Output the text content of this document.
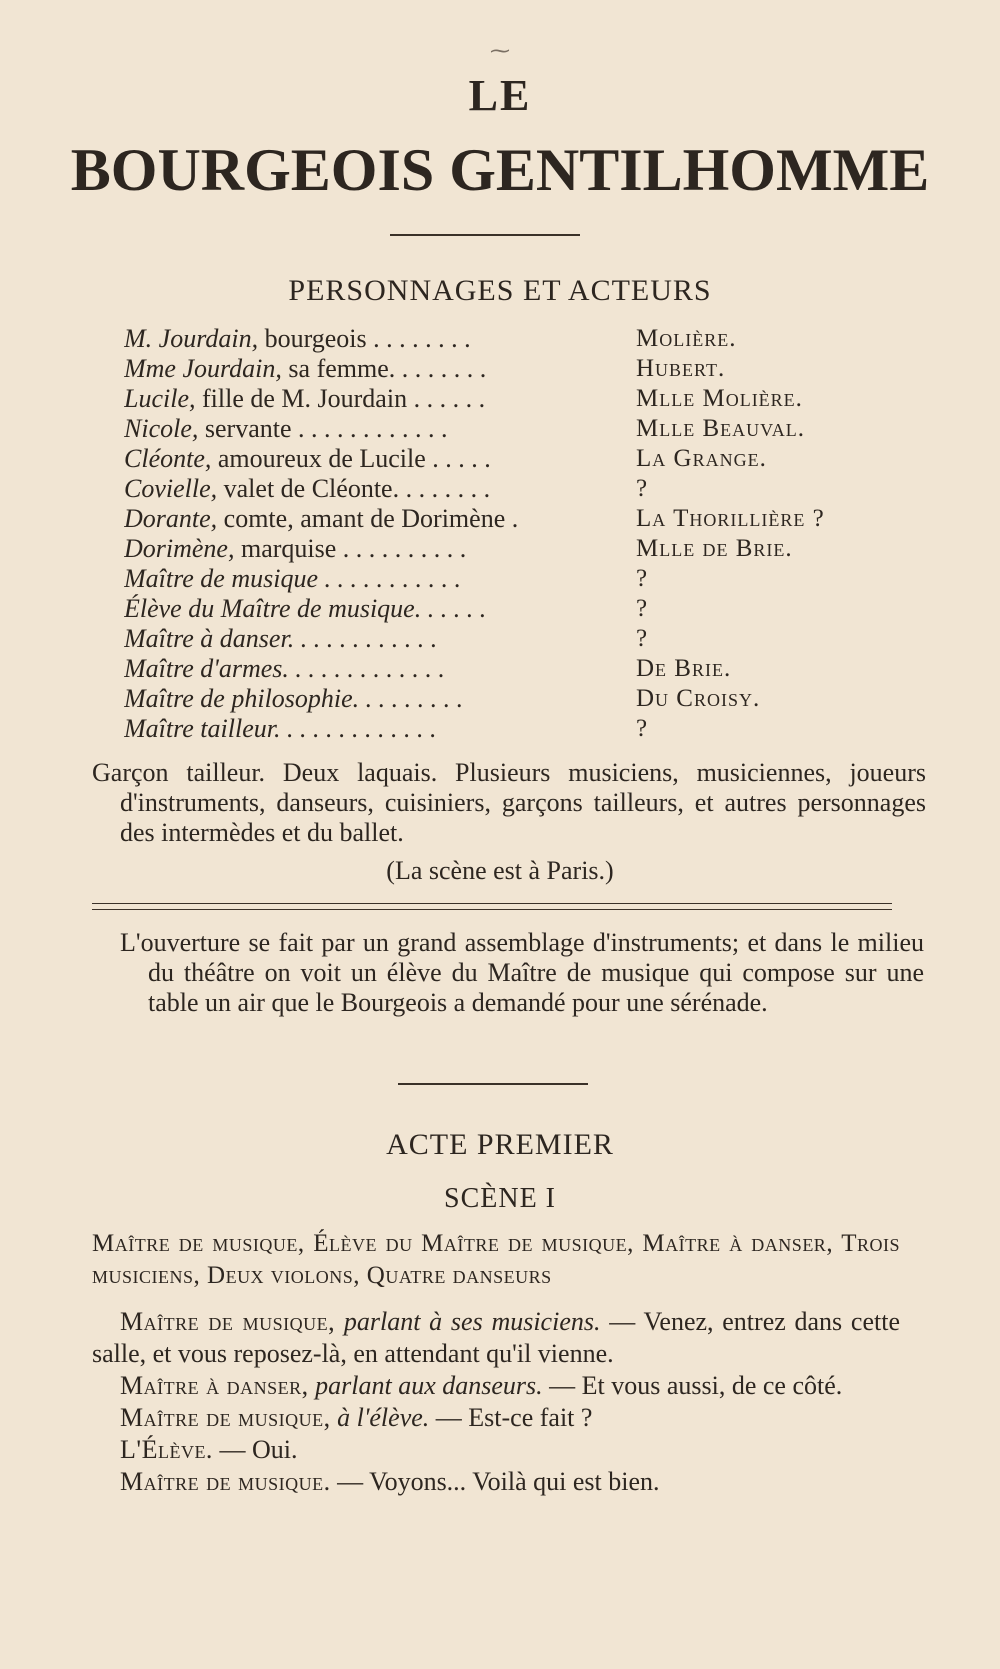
⁓
LE
BOURGEOIS GENTILHOMME
PERSONNAGES ET ACTEURS
M. Jourdain, bourgeois . . . . . . . .	Molière.
Mme Jourdain, sa femme. . . . . . . .	Hubert.
Lucile, fille de M. Jourdain . . . . . .	Mlle Molière.
Nicole, servante . . . . . . . . . . . .	Mlle Beauval.
Cléonte, amoureux de Lucile . . . . .	La Grange.
Covielle, valet de Cléonte. . . . . . . .	?
Dorante, comte, amant de Dorimène .	La Thorillière ?
Dorimène, marquise . . . . . . . . . .	Mlle de Brie.
Maître de musique . . . . . . . . . . .	?
Élève du Maître de musique. . . . . .	?
Maître à danser. . . . . . . . . . . .	?
Maître d'armes. . . . . . . . . . . . .	De Brie.
Maître de philosophie. . . . . . . . .	Du Croisy.
Maître tailleur. . . . . . . . . . . . .	?
Garçon tailleur. Deux laquais. Plusieurs musiciens, musiciennes, joueurs d'instruments, danseurs, cuisiniers, garçons tailleurs, et autres personnages des intermèdes et du ballet.
(La scène est à Paris.)
L'ouverture se fait par un grand assemblage d'instruments; et dans le milieu du théâtre on voit un élève du Maître de musique qui compose sur une table un air que le Bourgeois a demandé pour une sérénade.
ACTE PREMIER
SCÈNE I
Maître de musique, Élève du Maître de musique, Maître à danser, Trois musiciens, Deux violons, Quatre danseurs
Maître de musique, parlant à ses musiciens. — Venez, entrez dans cette salle, et vous reposez-là, en attendant qu'il vienne.
Maître à danser, parlant aux danseurs. — Et vous aussi, de ce côté.
Maître de musique, à l'élève. — Est-ce fait ?
L'Élève. — Oui.
Maître de musique. — Voyons... Voilà qui est bien.
